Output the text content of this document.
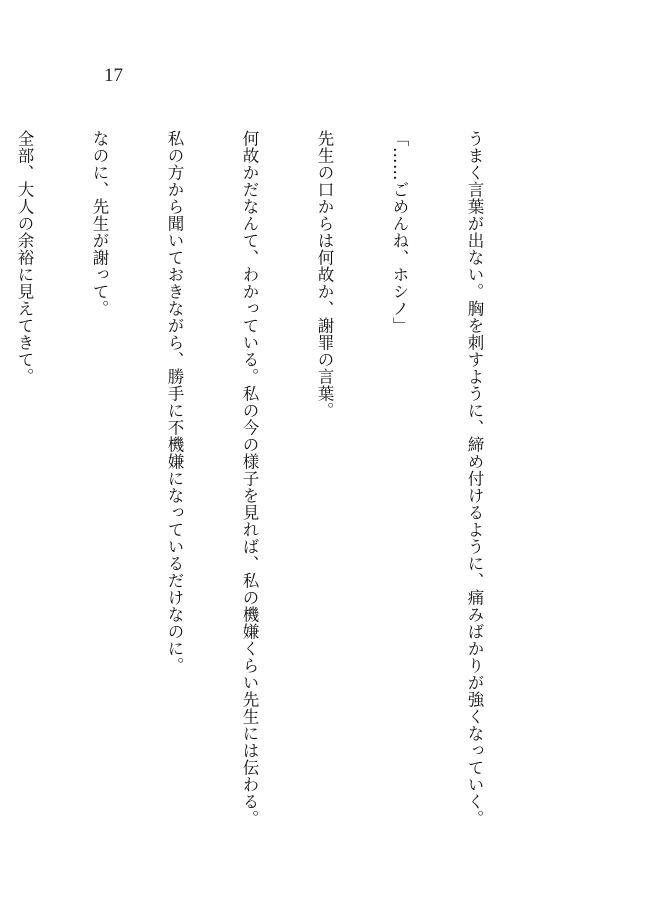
17

うまく言葉が出ない。胸を刺すように、締め付けるように、痛みばかりが強くなっていく。

「……ごめんね、ホシノ」

先生の口からは何故か、謝罪の言葉。

何故かだなんて、わかっている。私の今の様子を見れば、私の機嫌くらい先生には伝わる。

私の方から聞いておきながら、勝手に不機嫌になっているだけなのに。

なのに、先生が謝って。

全部、大人の余裕に見えてきて。
